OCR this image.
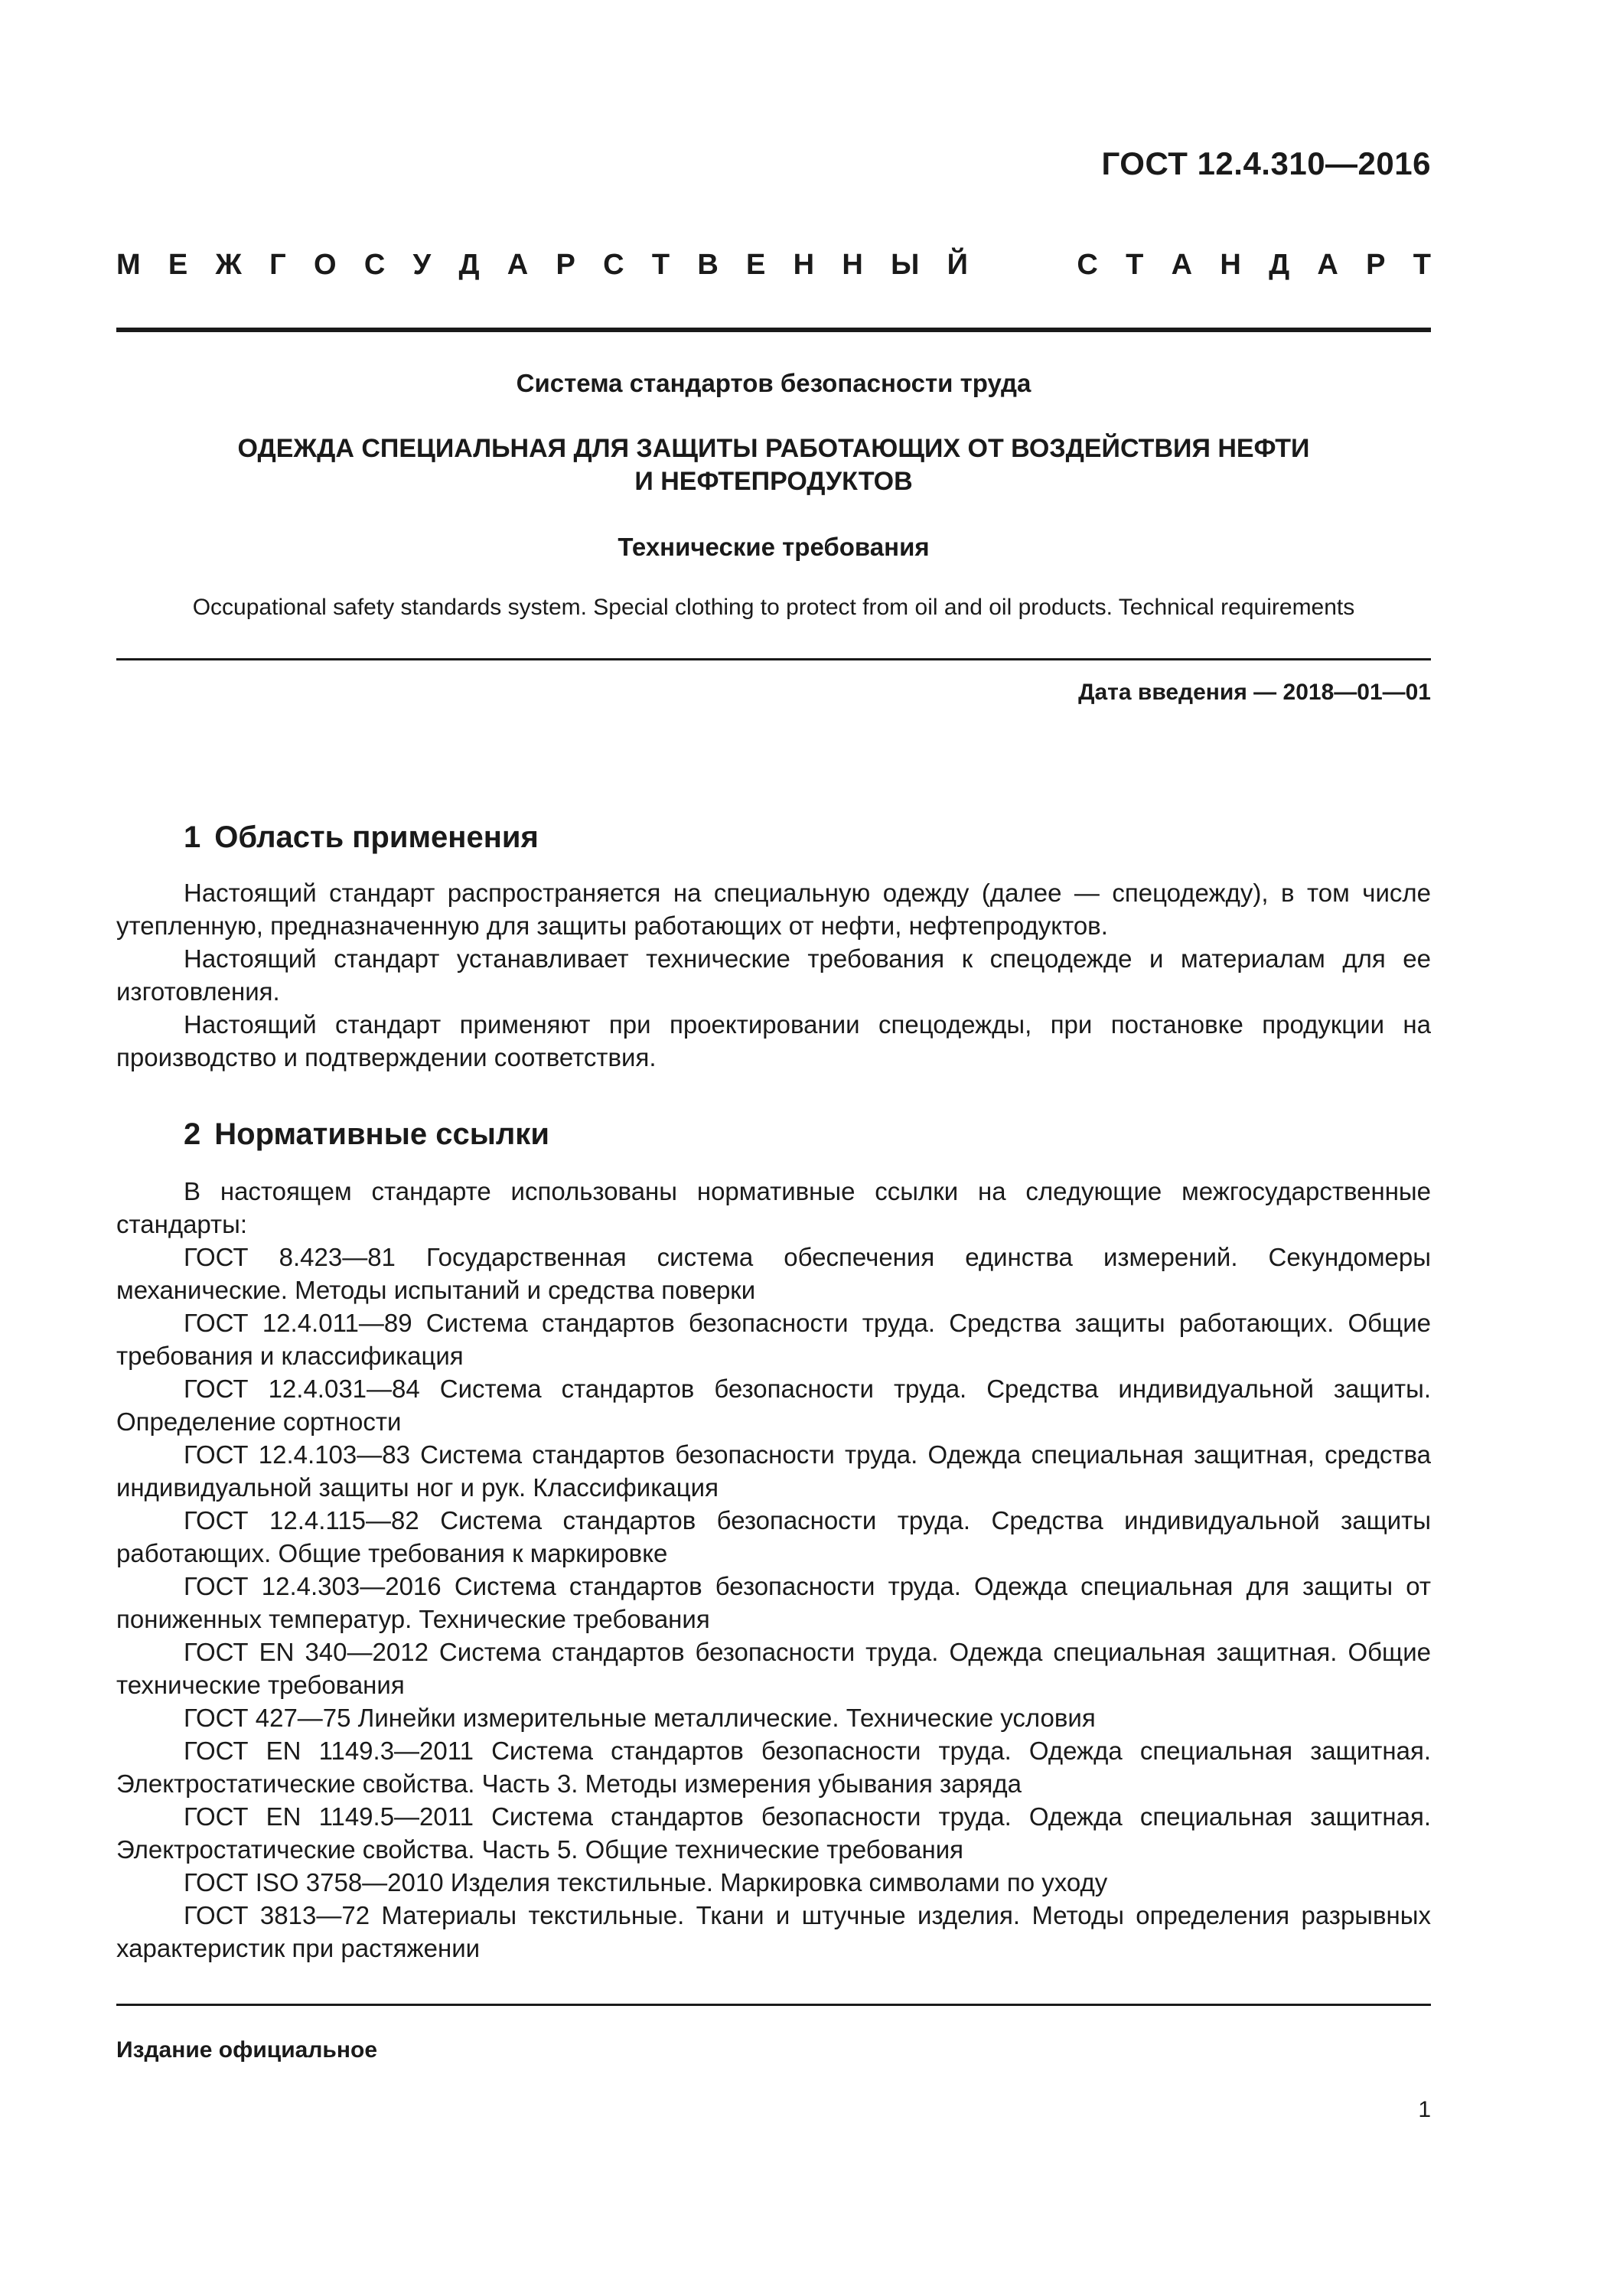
ГОСТ 12.4.310—2016
М Е Ж Г О С У Д А Р С Т В Е Н Н Ы Й	С Т А Н Д А Р Т
Система стандартов безопасности труда
ОДЕЖДА СПЕЦИАЛЬНАЯ ДЛЯ ЗАЩИТЫ РАБОТАЮЩИХ ОТ ВОЗДЕЙСТВИЯ НЕФТИ
И НЕФТЕПРОДУКТОВ
Технические требования
Occupational safety standards system. Special clothing to protect from oil and oil products. Technical requirements
Дата введения — 2018—01—01
1 Область применения
Настоящий стандарт распространяется на специальную одежду (далее — спецодежду), в том числе утепленную, предназначенную для защиты работающих от нефти, нефтепродуктов.
Настоящий стандарт устанавливает технические требования к спецодежде и материалам для ее изготовления.
Настоящий стандарт применяют при проектировании спецодежды, при постановке продукции на производство и подтверждении соответствия.
2 Нормативные ссылки
В настоящем стандарте использованы нормативные ссылки на следующие межгосударственные стандарты:
ГОСТ 8.423—81 Государственная система обеспечения единства измерений. Секундомеры механические. Методы испытаний и средства поверки
ГОСТ 12.4.011—89 Система стандартов безопасности труда. Средства защиты работающих. Общие требования и классификация
ГОСТ 12.4.031—84 Система стандартов безопасности труда. Средства индивидуальной защиты. Определение сортности
ГОСТ 12.4.103—83 Система стандартов безопасности труда. Одежда специальная защитная, средства индивидуальной защиты ног и рук. Классификация
ГОСТ 12.4.115—82 Система стандартов безопасности труда. Средства индивидуальной защиты работающих. Общие требования к маркировке
ГОСТ 12.4.303—2016 Система стандартов безопасности труда. Одежда специальная для защиты от пониженных температур. Технические требования
ГОСТ EN 340—2012 Система стандартов безопасности труда. Одежда специальная защитная. Общие технические требования
ГОСТ 427—75 Линейки измерительные металлические. Технические условия
ГОСТ EN 1149.3—2011 Система стандартов безопасности труда. Одежда специальная защитная. Электростатические свойства. Часть 3. Методы измерения убывания заряда
ГОСТ EN 1149.5—2011 Система стандартов безопасности труда. Одежда специальная защитная. Электростатические свойства. Часть 5. Общие технические требования
ГОСТ ISO 3758—2010 Изделия текстильные. Маркировка символами по уходу
ГОСТ 3813—72 Материалы текстильные. Ткани и штучные изделия. Методы определения разрывных характеристик при растяжении
Издание официальное
1
